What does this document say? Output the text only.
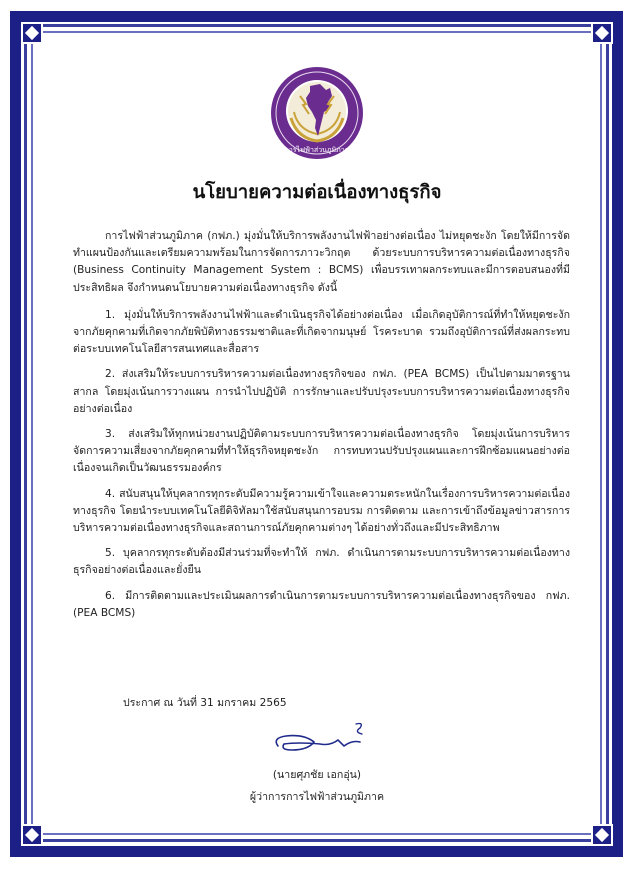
การไฟฟ้าส่วนภูมิภาค
นโยบายความต่อเนื่องทางธุรกิจ

การไฟฟ้าส่วนภูมิภาค (กฟภ.) มุ่งมั่นให้บริการพลังงานไฟฟ้าอย่างต่อเนื่อง ไม่หยุดชะงัก โดยให้มีการจัดทำแผนป้องกันและเตรียมความพร้อมในการจัดการภาวะวิกฤต ด้วยระบบการบริหารความต่อเนื่องทางธุรกิจ (Business Continuity Management System : BCMS) เพื่อบรรเทาผลกระทบและมีการตอบสนองที่มีประสิทธิผล จึงกำหนดนโยบายความต่อเนื่องทางธุรกิจ ดังนี้

1. มุ่งมั่นให้บริการพลังงานไฟฟ้าและดำเนินธุรกิจได้อย่างต่อเนื่อง เมื่อเกิดอุบัติการณ์ที่ทำให้หยุดชะงักจากภัยคุกคามที่เกิดจากภัยพิบัติทางธรรมชาติและที่เกิดจากมนุษย์ โรคระบาด รวมถึงอุบัติการณ์ที่ส่งผลกระทบต่อระบบเทคโนโลยีสารสนเทศและสื่อสาร

2. ส่งเสริมให้ระบบการบริหารความต่อเนื่องทางธุรกิจของ กฟภ. (PEA BCMS) เป็นไปตามมาตรฐานสากล โดยมุ่งเน้นการวางแผน การนำไปปฏิบัติ การรักษาและปรับปรุงระบบการบริหารความต่อเนื่องทางธุรกิจอย่างต่อเนื่อง

3. ส่งเสริมให้ทุกหน่วยงานปฏิบัติตามระบบการบริหารความต่อเนื่องทางธุรกิจ โดยมุ่งเน้นการบริหารจัดการความเสี่ยงจากภัยคุกคามที่ทำให้ธุรกิจหยุดชะงัก การทบทวนปรับปรุงแผนและการฝึกซ้อมแผนอย่างต่อเนื่องจนเกิดเป็นวัฒนธรรมองค์กร

4. สนับสนุนให้บุคลากรทุกระดับมีความรู้ความเข้าใจและความตระหนักในเรื่องการบริหารความต่อเนื่องทางธุรกิจ โดยนำระบบเทคโนโลยีดิจิทัลมาใช้สนับสนุนการอบรม การติดตาม และการเข้าถึงข้อมูลข่าวสารการบริหารความต่อเนื่องทางธุรกิจและสถานการณ์ภัยคุกคามต่างๆ ได้อย่างทั่วถึงและมีประสิทธิภาพ

5. บุคลากรทุกระดับต้องมีส่วนร่วมที่จะทำให้ กฟภ. ดำเนินการตามระบบการบริหารความต่อเนื่องทางธุรกิจอย่างต่อเนื่องและยั่งยืน

6. มีการติดตามและประเมินผลการดำเนินการตามระบบการบริหารความต่อเนื่องทางธุรกิจของ กฟภ. (PEA BCMS)

ประกาศ ณ วันที่ 31 มกราคม 2565
(นายศุภชัย เอกอุ่น)
ผู้ว่าการการไฟฟ้าส่วนภูมิภาค
